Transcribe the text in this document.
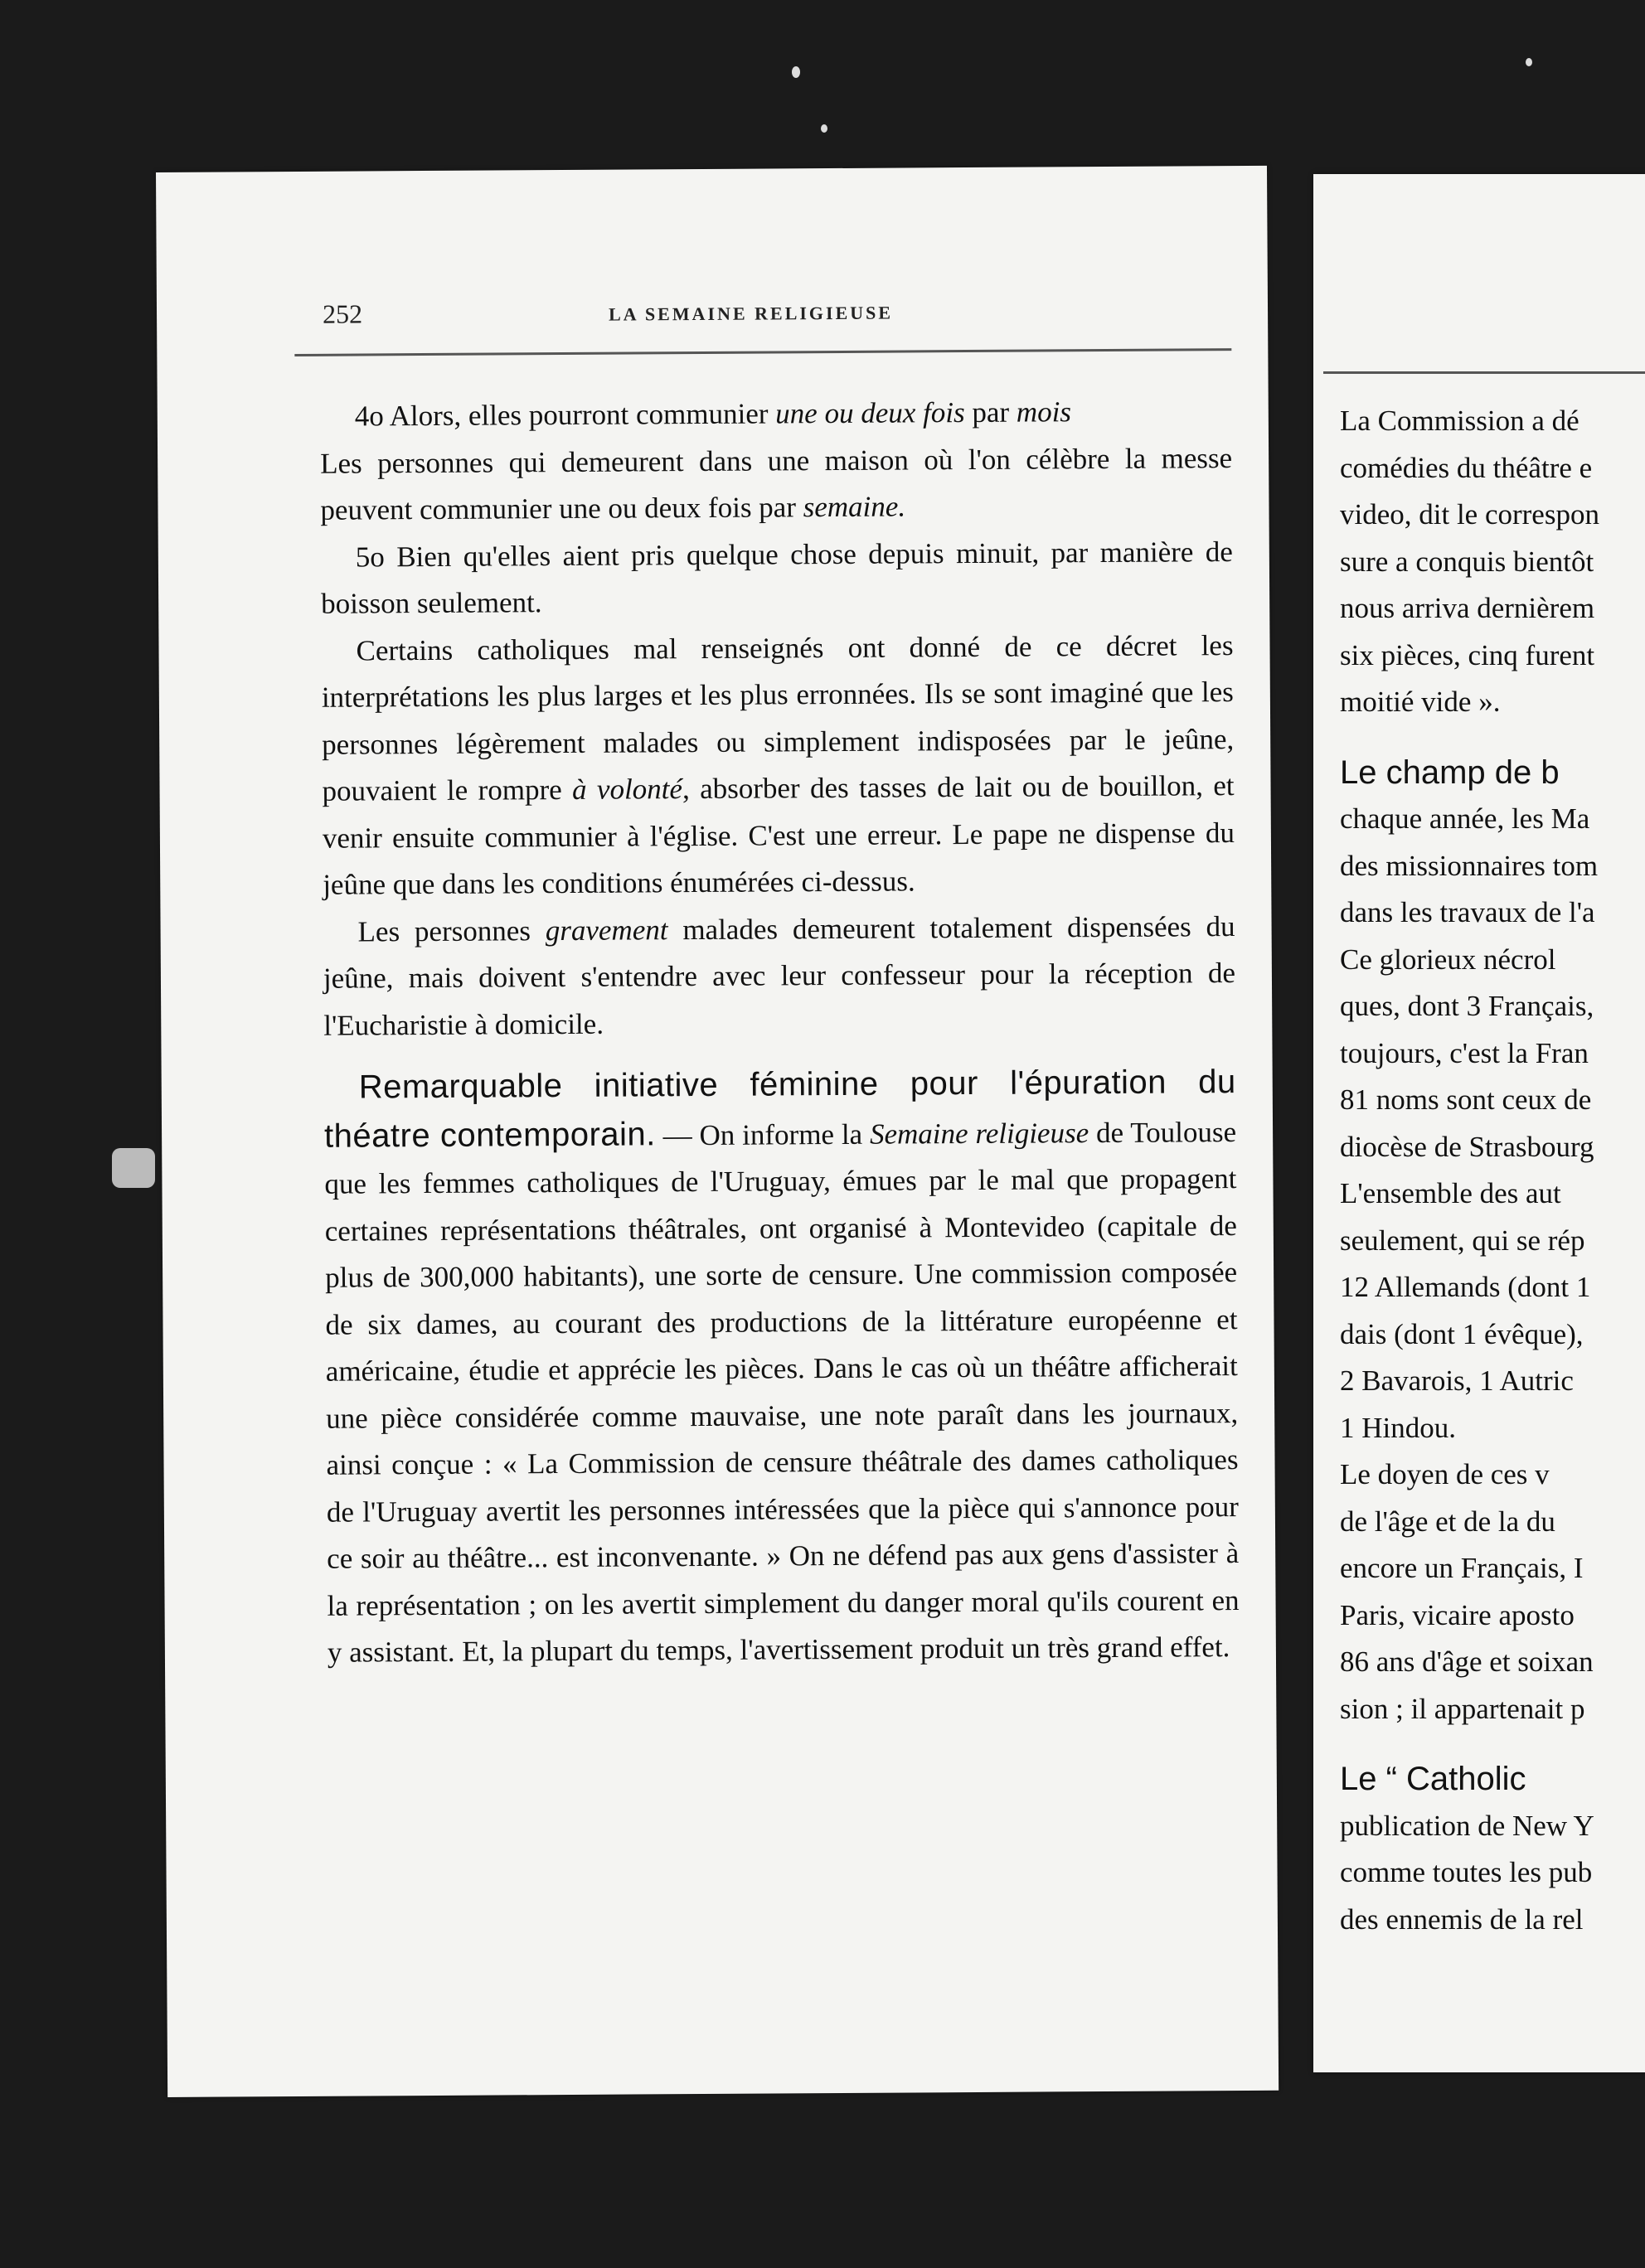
252	LA SEMAINE RELIGIEUSE

4o Alors, elles pourront communier une ou deux fois par mois

Les personnes qui demeurent dans une maison où l'on célèbre la messe peuvent communier une ou deux fois par semaine.

5o Bien qu'elles aient pris quelque chose depuis minuit, par manière de boisson seulement.

Certains catholiques mal renseignés ont donné de ce décret les interprétations les plus larges et les plus erronnées. Ils se sont imaginé que les personnes légèrement malades ou simplement indisposées par le jeûne, pouvaient le rompre à volonté, absorber des tasses de lait ou de bouillon, et venir ensuite communier à l'église. C'est une erreur. Le pape ne dispense du jeûne que dans les conditions énumérées ci-dessus.

Les personnes gravement malades demeurent totalement dispensées du jeûne, mais doivent s'entendre avec leur confesseur pour la réception de l'Eucharistie à domicile.

Remarquable initiative féminine pour l'épuration du théatre contemporain. — On informe la Semaine religieuse de Toulouse que les femmes catholiques de l'Uruguay, émues par le mal que propagent certaines représentations théâtrales, ont organisé à Montevideo (capitale de plus de 300,000 habitants), une sorte de censure. Une commission composée de six dames, au courant des productions de la littérature européenne et américaine, étudie et apprécie les pièces. Dans le cas où un théâtre afficherait une pièce considérée comme mauvaise, une note paraît dans les journaux, ainsi conçue : « La Commission de censure théâtrale des dames catholiques de l'Uruguay avertit les personnes intéressées que la pièce qui s'annonce pour ce soir au théâtre... est inconvenante. » On ne défend pas aux gens d'assister à la représentation ; on les avertit simplement du danger moral qu'ils courent en y assistant. Et, la plupart du temps, l'avertissement produit un très grand effet.

La Commission a dé
comédies du théâtre e
video, dit le correspon
sure a conquis bientôt
nous arriva dernièrem
six pièces, cinq furent
moitié vide ».
Le champ de b
chaque année, les Ma
des missionnaires tom
dans les travaux de l'a
Ce glorieux nécrol
ques, dont 3 Français,
toujours, c'est la Fran
81 noms sont ceux de
diocèse de Strasbourg
L'ensemble des aut
seulement, qui se rép
12 Allemands (dont 1
dais (dont 1 évêque),
2 Bavarois, 1 Autric
1 Hindou.
Le doyen de ces v
de l'âge et de la du
encore un Français, I
Paris, vicaire aposto
86 ans d'âge et soixan
sion ; il appartenait p
Le “ Catholic
publication de New Y
comme toutes les pub
des ennemis de la rel
